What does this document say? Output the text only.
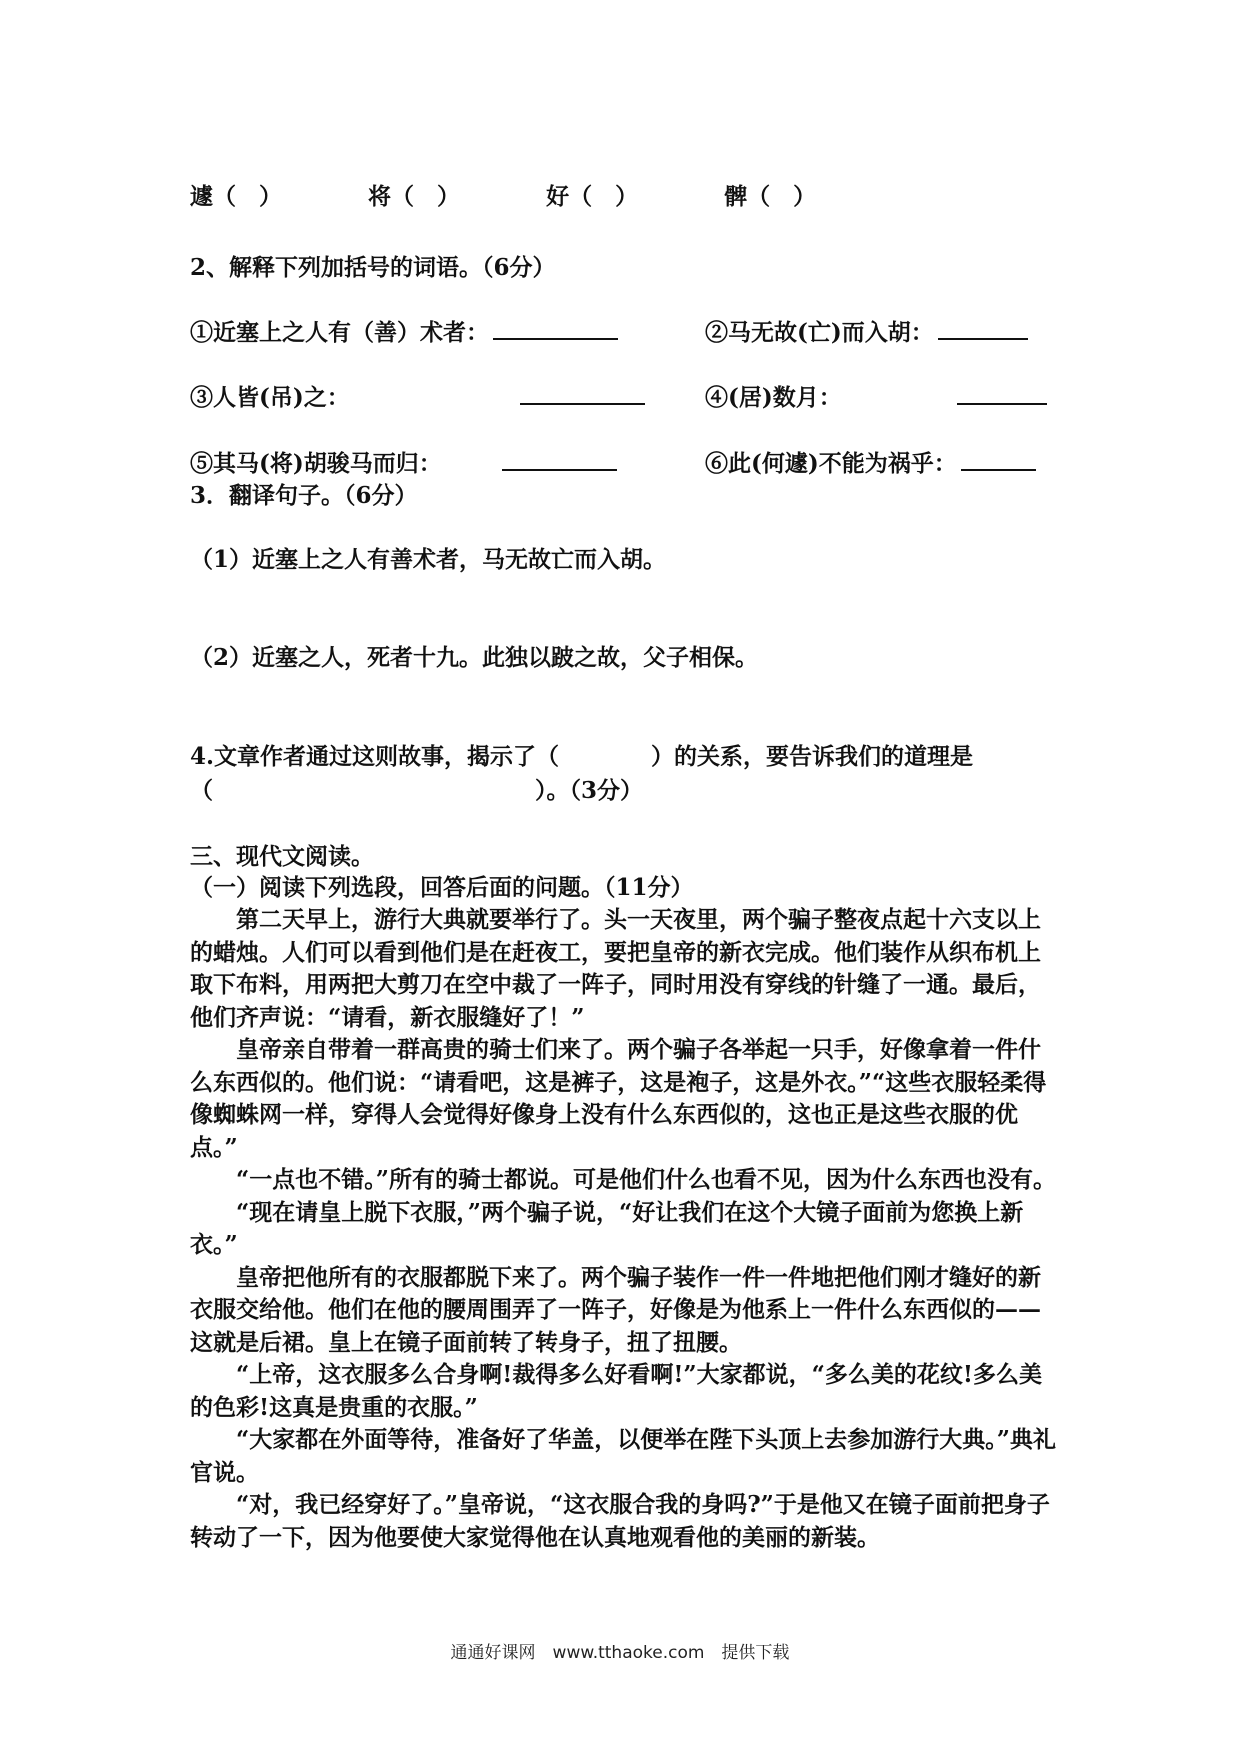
遽（　）	将（　）	好（　）	髀（　）
2、解释下列加括号的词语。（6分）
①近塞上之人有（善）术者：	②马无故(亡)而入胡：
③人皆(吊)之：	④(居)数月：
⑤其马(将)胡骏马而归：	⑥此(何遽)不能为祸乎：
3．翻译句子。（6分）
（1）近塞上之人有善术者，马无故亡而入胡。
（2）近塞之人，死者十九。此独以跛之故，父子相保。
4.文章作者通过这则故事，揭示了（　　　　）的关系，要告诉我们的道理是
（　　　　　　　　　　　　　　）。（3分）
三、现代文阅读。
（一）阅读下列选段，回答后面的问题。（11分）

第二天早上，游行大典就要举行了。头一天夜里，两个骗子整夜点起十六支以上的蜡烛。人们可以看到他们是在赶夜工，要把皇帝的新衣完成。他们装作从织布机上取下布料，用两把大剪刀在空中裁了一阵子，同时用没有穿线的针缝了一通。最后，他们齐声说：“请看，新衣服缝好了！”

皇帝亲自带着一群高贵的骑士们来了。两个骗子各举起一只手，好像拿着一件什么东西似的。他们说：“请看吧，这是裤子，这是袍子，这是外衣。”“这些衣服轻柔得像蜘蛛网一样，穿得人会觉得好像身上没有什么东西似的，这也正是这些衣服的优点。”

“一点也不错。”所有的骑士都说。可是他们什么也看不见，因为什么东西也没有。

“现在请皇上脱下衣服，”两个骗子说，“好让我们在这个大镜子面前为您换上新衣。”

皇帝把他所有的衣服都脱下来了。两个骗子装作一件一件地把他们刚才缝好的新衣服交给他。他们在他的腰周围弄了一阵子，好像是为他系上一件什么东西似的——这就是后裙。皇上在镜子面前转了转身子，扭了扭腰。

“上帝，这衣服多么合身啊!裁得多么好看啊!”大家都说，“多么美的花纹!多么美的色彩!这真是贵重的衣服。”

“大家都在外面等待，准备好了华盖，以便举在陛下头顶上去参加游行大典。”典礼官说。

“对，我已经穿好了。”皇帝说，“这衣服合我的身吗?”于是他又在镜子面前把身子转动了一下，因为他要使大家觉得他在认真地观看他的美丽的新装。

通通好课网　www.tthaoke.com　提供下载
